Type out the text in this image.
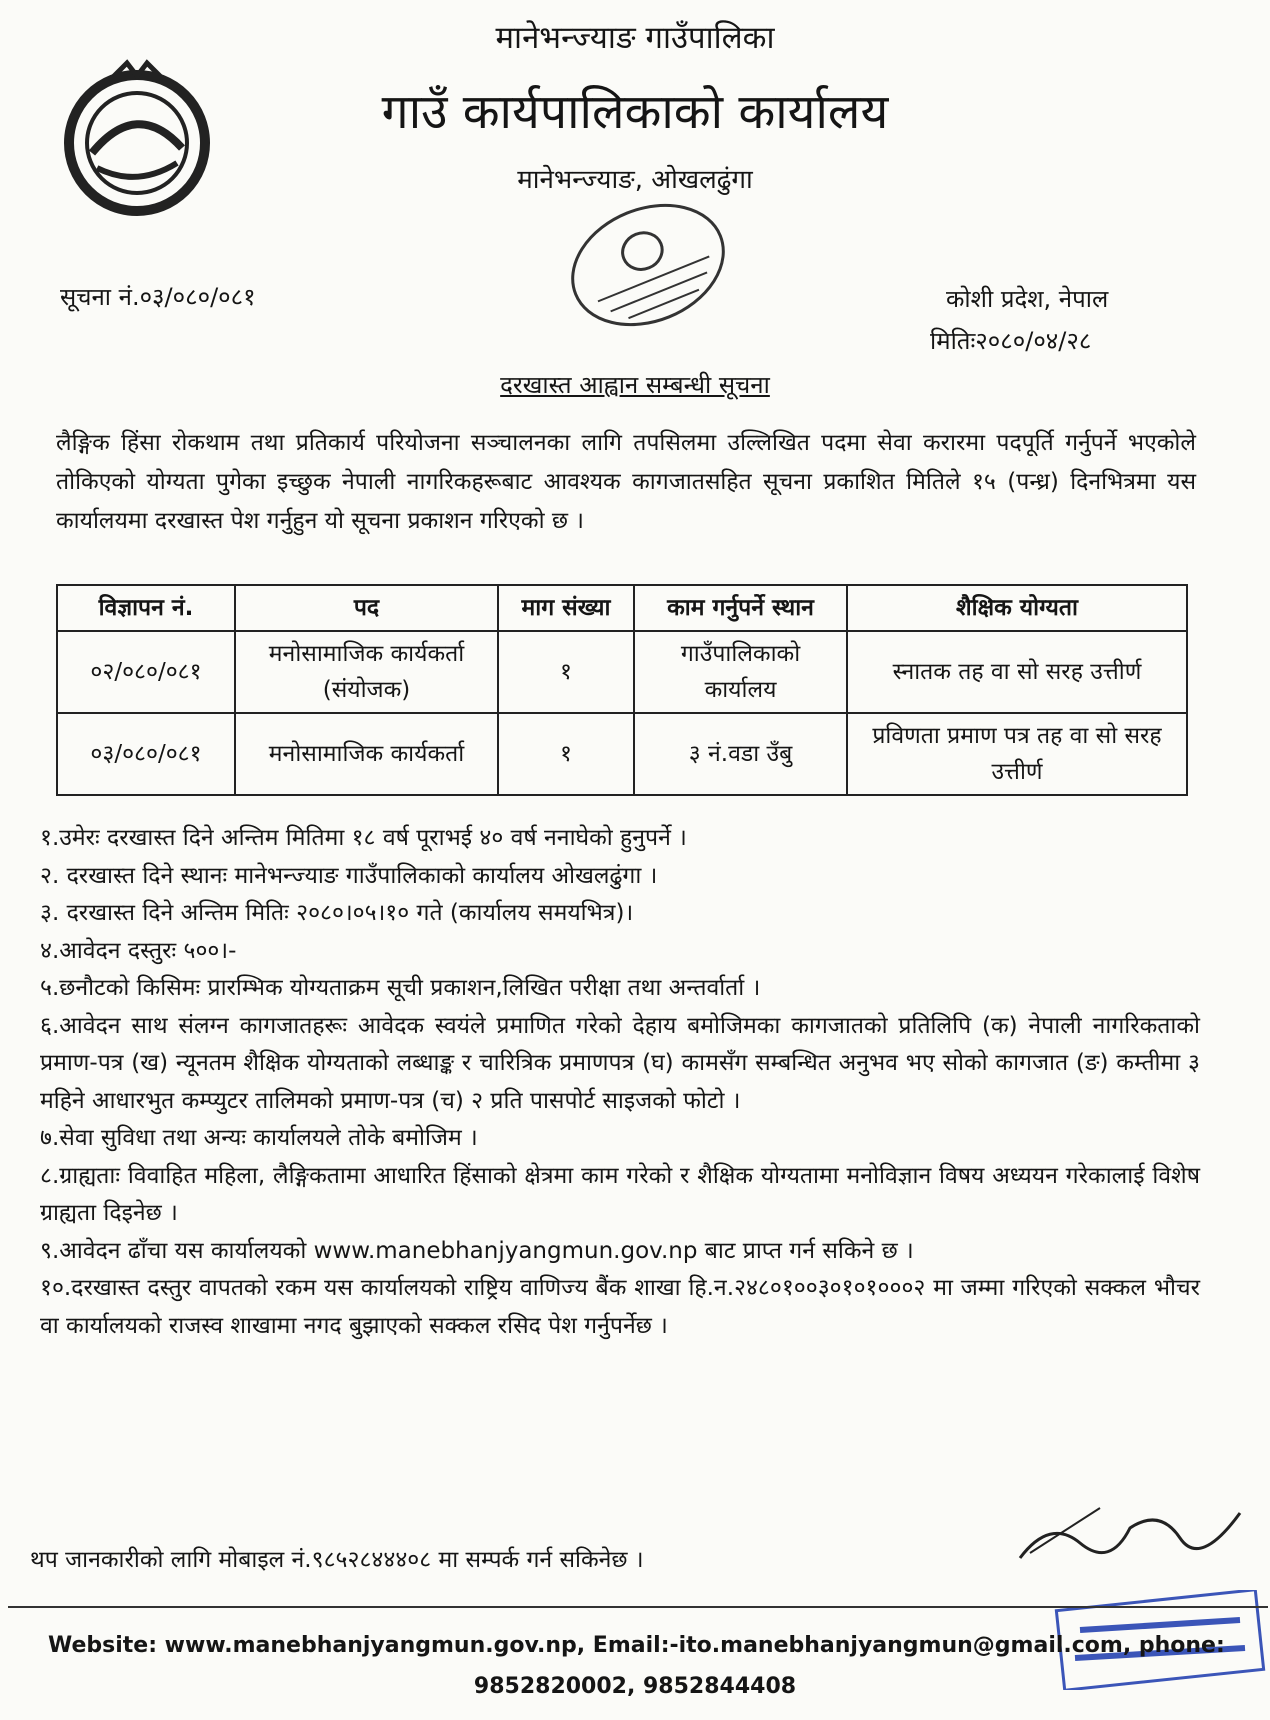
मानेभन्ज्याङ गाउँपालिका
गाउँ कार्यपालिकाको कार्यालय
मानेभन्ज्याङ, ओखलढुंगा
सूचना नं.०३/०८०/०८१	कोशी प्रदेश, नेपाल
मितिः२०८०/०४/२८
दरखास्त आह्वान सम्बन्धी सूचना
लैङ्गिक हिंसा रोकथाम तथा प्रतिकार्य परियोजना सञ्चालनका लागि तपसिलमा उल्लिखित पदमा सेवा करारमा पदपूर्ति गर्नुपर्ने भएकोले तोकिएको योग्यता पुगेका इच्छुक नेपाली नागरिकहरूबाट आवश्यक कागजातसहित सूचना प्रकाशित मितिले १५ (पन्ध्र) दिनभित्रमा यस कार्यालयमा दरखास्त पेश गर्नुहुन यो सूचना प्रकाशन गरिएको छ ।
विज्ञापन नं.	पद	माग संख्या	काम गर्नुपर्ने स्थान	शैक्षिक योग्यता
०२/०८०/०८१	मनोसामाजिक कार्यकर्ता (संयोजक)	१	गाउँपालिकाको कार्यालय	स्नातक तह वा सो सरह उत्तीर्ण
०३/०८०/०८१	मनोसामाजिक कार्यकर्ता	१	३ नं.वडा उँबु	प्रविणता प्रमाण पत्र तह वा सो सरह उत्तीर्ण
१.उमेरः दरखास्त दिने अन्तिम मितिमा १८ वर्ष पूराभई ४० वर्ष ननाघेको हुनुपर्ने ।
२. दरखास्त दिने स्थानः मानेभन्ज्याङ गाउँपालिकाको कार्यालय ओखलढुंगा ।
३. दरखास्त दिने अन्तिम मितिः २०८०।०५।१० गते (कार्यालय समयभित्र)।
४.आवेदन दस्तुरः ५००।-
५.छनौटको किसिमः प्रारम्भिक योग्यताक्रम सूची प्रकाशन,लिखित परीक्षा तथा अन्तर्वार्ता ।
६.आवेदन साथ संलग्न कागजातहरूः आवेदक स्वयंले प्रमाणित गरेको देहाय बमोजिमका कागजातको प्रतिलिपि (क) नेपाली नागरिकताको प्रमाण-पत्र (ख) न्यूनतम शैक्षिक योग्यताको लब्धाङ्क र चारित्रिक प्रमाणपत्र (घ) कामसँग सम्बन्धित अनुभव भए सोको कागजात (ङ) कम्तीमा ३ महिने आधारभुत कम्प्युटर तालिमको प्रमाण-पत्र (च) २ प्रति पासपोर्ट साइजको फोटो ।
७.सेवा सुविधा तथा अन्यः कार्यालयले तोके बमोजिम ।
८.ग्राह्यताः विवाहित महिला, लैङ्गिकतामा आधारित हिंसाको क्षेत्रमा काम गरेको र शैक्षिक योग्यतामा मनोविज्ञान विषय अध्ययन गरेकालाई विशेष ग्राह्यता दिइनेछ ।
९.आवेदन ढाँचा यस कार्यालयको www.manebhanjyangmun.gov.np बाट प्राप्त गर्न सकिने छ ।
१०.दरखास्त दस्तुर वापतको रकम यस कार्यालयको राष्ट्रिय वाणिज्य बैंक शाखा हि.न.२४८०१००३०१०१०००२ मा जम्मा गरिएको सक्कल भौचर वा कार्यालयको राजस्व शाखामा नगद बुझाएको सक्कल रसिद पेश गर्नुपर्नेछ ।
थप जानकारीको लागि मोबाइल नं.९८५२८४४४०८ मा सम्पर्क गर्न सकिनेछ ।
Website: www.manebhanjyangmun.gov.np, Email:-ito.manebhanjyangmun@gmail.com, phone:
9852820002, 9852844408
